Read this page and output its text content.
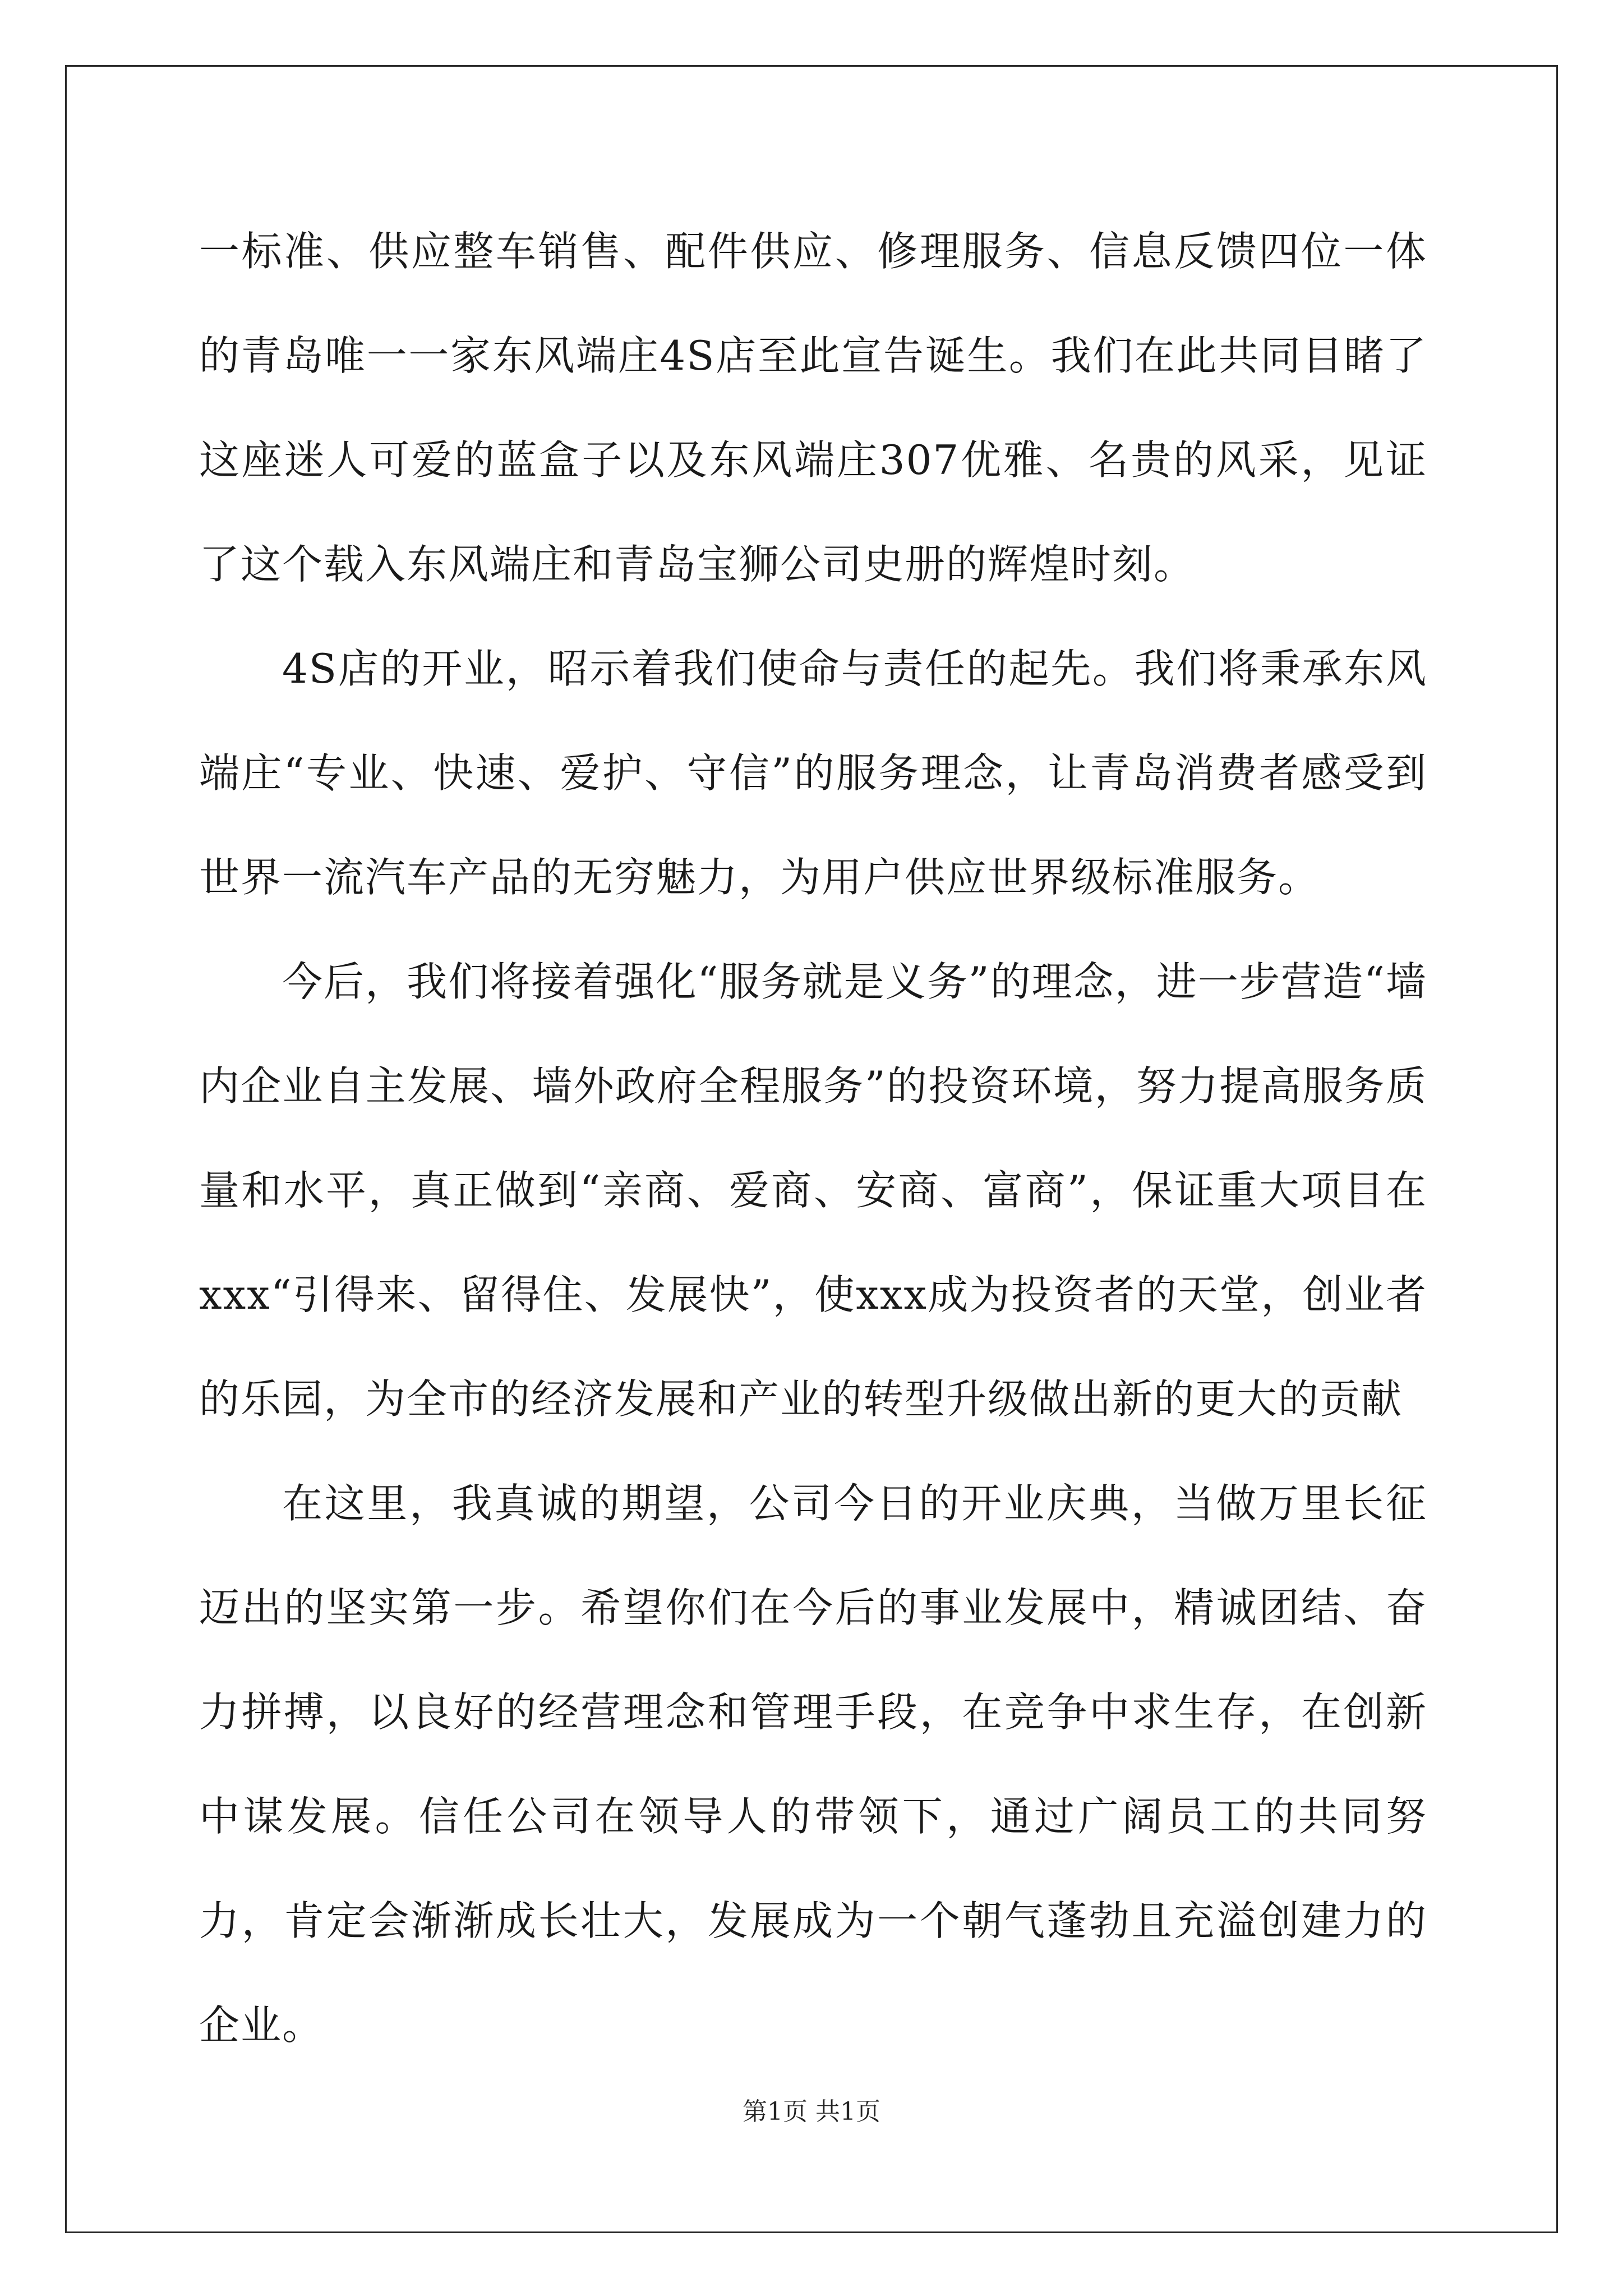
一标准、供应整车销售、配件供应、修理服务、信息反馈四位一体的青岛唯一一家东风端庄4S店至此宣告诞生。我们在此共同目睹了这座迷人可爱的蓝盒子以及东风端庄307优雅、名贵的风采，见证了这个载入东风端庄和青岛宝狮公司史册的辉煌时刻。

4S店的开业，昭示着我们使命与责任的起先。我们将秉承东风端庄“专业、快速、爱护、守信”的服务理念，让青岛消费者感受到世界一流汽车产品的无穷魅力，为用户供应世界级标准服务。

今后，我们将接着强化“服务就是义务”的理念，进一步营造“墙内企业自主发展、墙外政府全程服务”的投资环境，努力提高服务质量和水平，真正做到“亲商、爱商、安商、富商”，保证重大项目在xxx“引得来、留得住、发展快”，使xxx成为投资者的天堂，创业者的乐园，为全市的经济发展和产业的转型升级做出新的更大的贡献

在这里，我真诚的期望，公司今日的开业庆典，当做万里长征迈出的坚实第一步。希望你们在今后的事业发展中，精诚团结、奋力拼搏，以良好的经营理念和管理手段，在竞争中求生存，在创新中谋发展。信任公司在领导人的带领下，通过广阔员工的共同努力，肯定会渐渐成长壮大，发展成为一个朝气蓬勃且充溢创建力的企业。

第1页 共1页
